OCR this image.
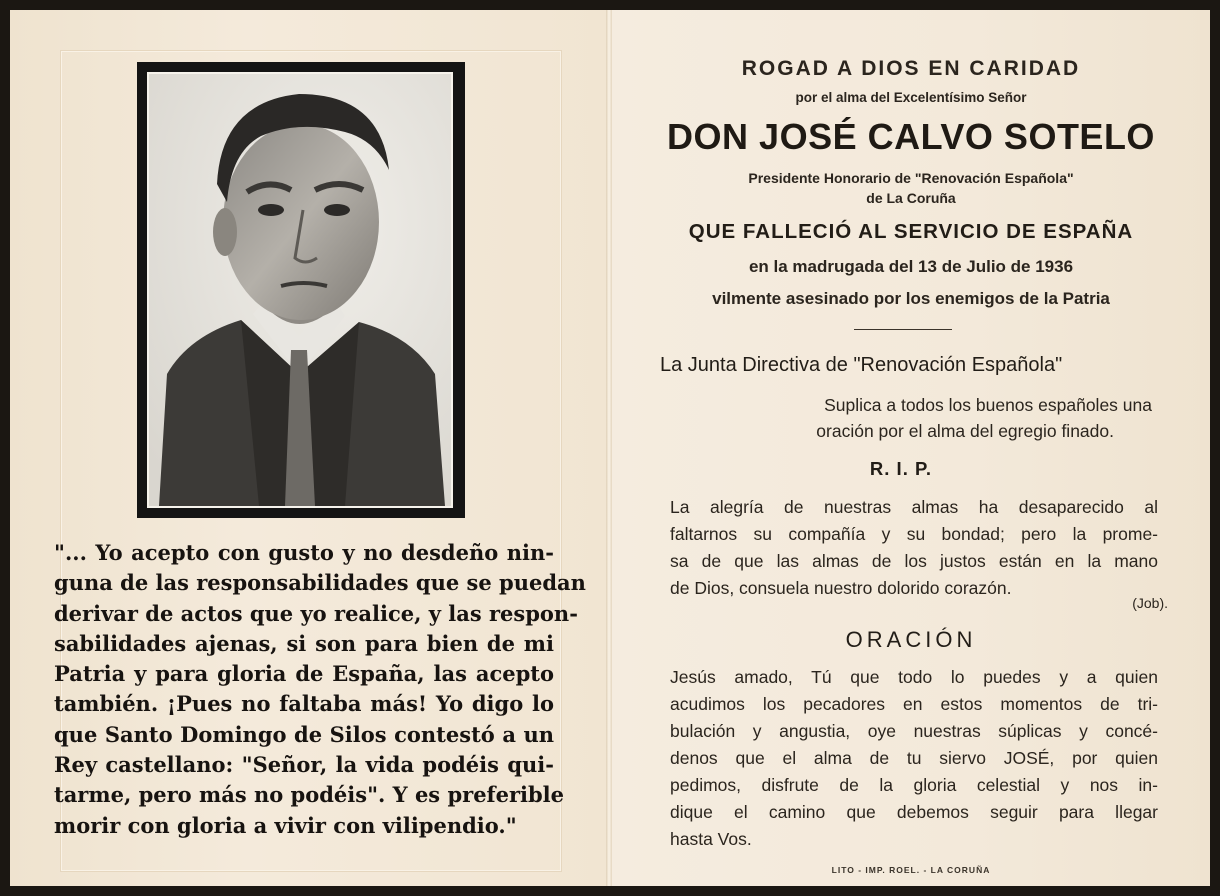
"... Yo acepto con gusto y no desdeño nin-
guna de las responsabilidades que se puedan
derivar de actos que yo realice, y las respon-
sabilidades ajenas, si son para bien de mi
Patria y para gloria de España, las acepto
también. ¡Pues no faltaba más! Yo digo lo
que Santo Domingo de Silos contestó a un
Rey castellano: "Señor, la vida podéis qui-
tarme, pero más no podéis". Y es preferible
morir con gloria a vivir con vilipendio."
ROGAD A DIOS EN CARIDAD
por el alma del Excelentísimo Señor
DON JOSÉ CALVO SOTELO
Presidente Honorario de "Renovación Española"
de La Coruña
QUE FALLECIÓ AL SERVICIO DE ESPAÑA
en la madrugada del 13 de Julio de 1936
vilmente asesinado por los enemigos de la Patria
La Junta Directiva de "Renovación Española"
Suplica a todos los buenos españoles una
oración por el alma del egregio finado.
R. I. P.
La alegría de nuestras almas ha desaparecido al
faltarnos su compañía y su bondad; pero la prome-
sa de que las almas de los justos están en la mano
de Dios, consuela nuestro dolorido corazón.
(Job).
ORACIÓN
Jesús amado, Tú que todo lo puedes y a quien
acudimos los pecadores en estos momentos de tri-
bulación y angustia, oye nuestras súplicas y concé-
denos que el alma de tu siervo JOSÉ, por quien
pedimos, disfrute de la gloria celestial y nos in-
dique el camino que debemos seguir para llegar
hasta Vos.
LITO - IMP. ROEL. - LA CORUÑA
